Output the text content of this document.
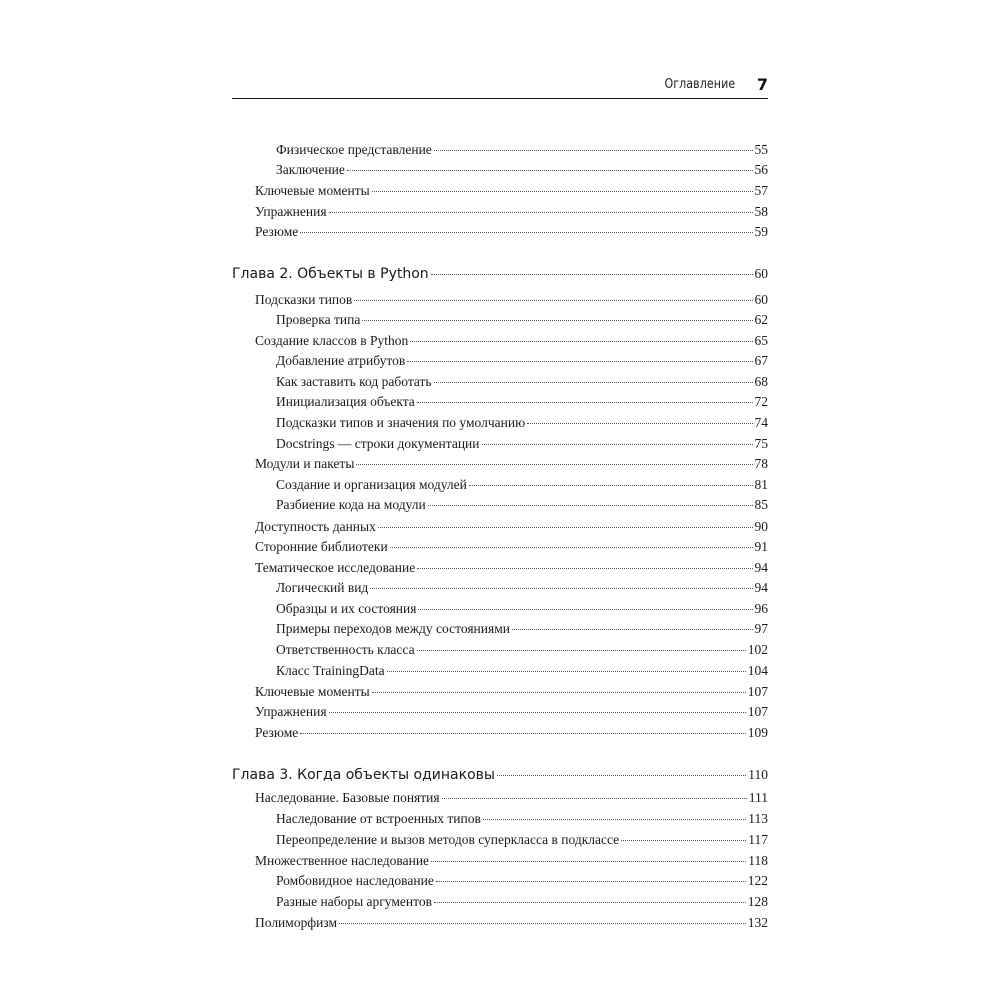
Оглавление 7
Физическое представление	55
Заключение	56
Ключевые моменты	57
Упражнения	58
Резюме	59
Глава 2. Объекты в Python	60
Подсказки типов	60
Проверка типа	62
Создание классов в Python	65
Добавление атрибутов	67
Как заставить код работать	68
Инициализация объекта	72
Подсказки типов и значения по умолчанию	74
Docstrings — строки документации	75
Модули и пакеты	78
Создание и организация модулей	81
Разбиение кода на модули	85
Доступность данных	90
Сторонние библиотеки	91
Тематическое исследование	94
Логический вид	94
Образцы и их состояния	96
Примеры переходов между состояниями	97
Ответственность класса	102
Класс TrainingData	104
Ключевые моменты	107
Упражнения	107
Резюме	109
Глава 3. Когда объекты одинаковы	110
Наследование. Базовые понятия	111
Наследование от встроенных типов	113
Переопределение и вызов методов суперкласса в подклассе	117
Множественное наследование	118
Ромбовидное наследование	122
Разные наборы аргументов	128
Полиморфизм	132
